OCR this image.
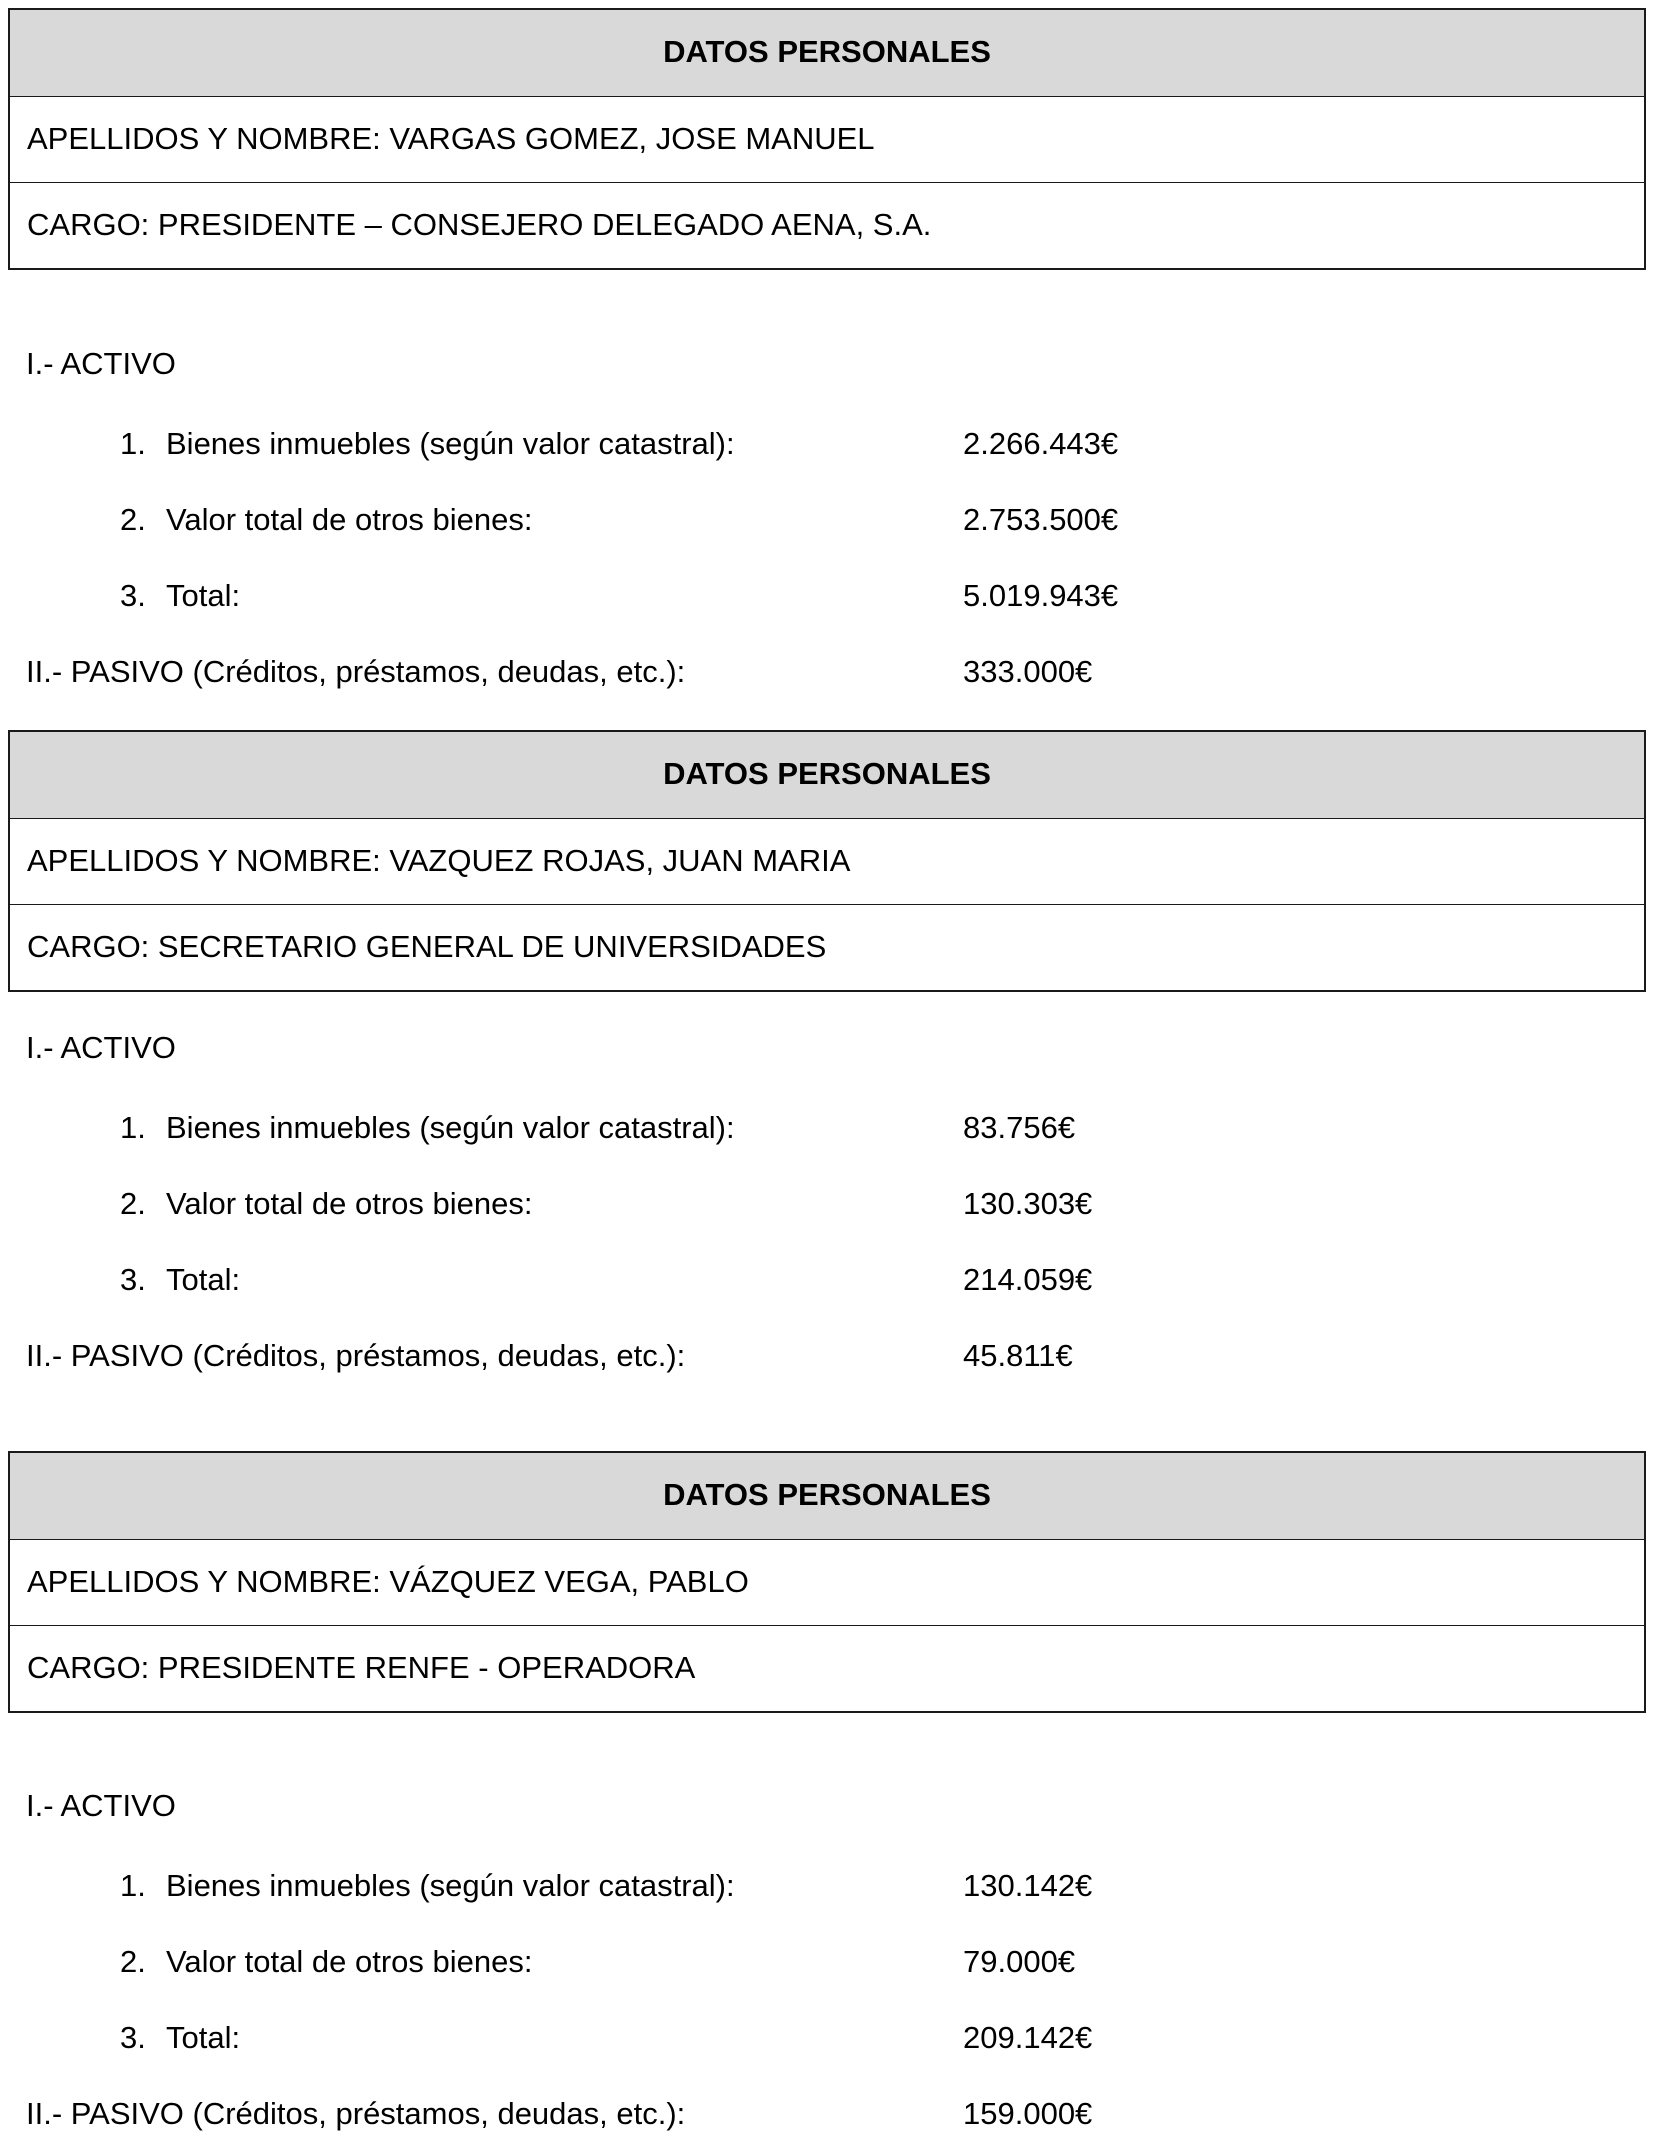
DATOS PERSONALES
APELLIDOS Y NOMBRE: VARGAS GOMEZ, JOSE MANUEL
CARGO: PRESIDENTE – CONSEJERO DELEGADO AENA, S.A.
I.- ACTIVO
1. Bienes inmuebles (según valor catastral):	2.266.443€
2. Valor total de otros bienes:	2.753.500€
3. Total:	5.019.943€
II.- PASIVO (Créditos, préstamos, deudas, etc.):	333.000€
DATOS PERSONALES
APELLIDOS Y NOMBRE: VAZQUEZ ROJAS, JUAN MARIA
CARGO: SECRETARIO GENERAL DE UNIVERSIDADES
I.- ACTIVO
1. Bienes inmuebles (según valor catastral):	83.756€
2. Valor total de otros bienes:	130.303€
3. Total:	214.059€
II.- PASIVO (Créditos, préstamos, deudas, etc.):	45.811€
DATOS PERSONALES
APELLIDOS Y NOMBRE: VÁZQUEZ VEGA, PABLO
CARGO: PRESIDENTE RENFE - OPERADORA
I.- ACTIVO
1. Bienes inmuebles (según valor catastral):	130.142€
2. Valor total de otros bienes:	79.000€
3. Total:	209.142€
II.- PASIVO (Créditos, préstamos, deudas, etc.):	159.000€
